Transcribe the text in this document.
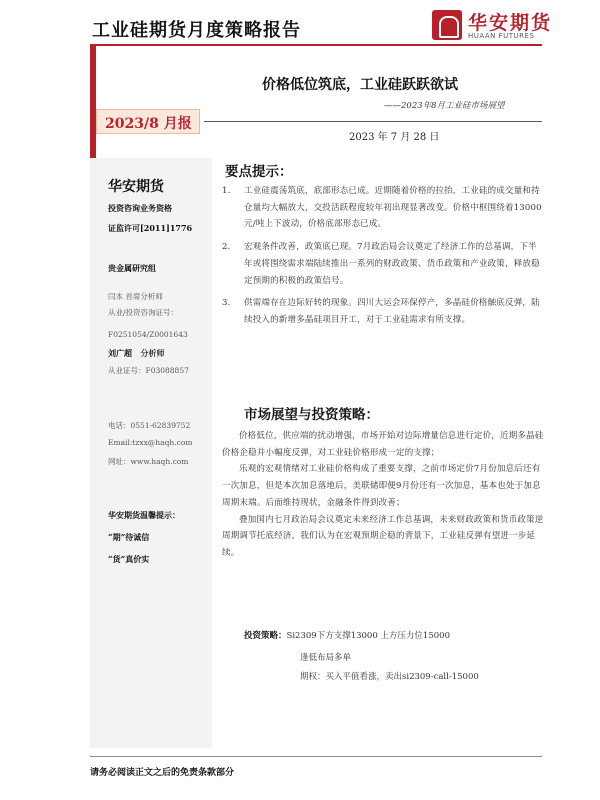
工业硅期货月度策略报告	华安期货
HUAAN FUTURES
价格低位筑底，工业硅跃跃欲试
——2023年8月工业硅市场展望
2023/8 月报
2023 年 7 月 28 日
华安期货
投资咨询业务资格
证监许可[2011]1776
贵金属研究组
闫本 首席分析师
从业/投资咨询证号：
F0251054/Z0001643
刘广超 分析师
从业证号：F03088857
电话：0551-62839752
Email:tzxx@haqh.com
网址：www.haqh.com
华安期货温馨提示：
“期”待诚信
“货”真价实
要点提示：
1.	工业硅震荡筑底，底部形态已成。近期随着价格的拉抬，工业硅的成交量和持仓量均大幅放大，交投活跃程度较年初出现显著改变。价格中枢围绕着13000元/吨上下波动，价格底部形态已成。
2.	宏观条件改善，政策底已现。7月政治局会议奠定了经济工作的总基调，下半年或将围绕需求端陆续推出一系列的财政政策、货币政策和产业政策，释放稳定预期的积极的政策信号。
3.	供需端存在边际好转的现象。四川大运会环保停产，多晶硅价格触底反弹，陆续投入的新增多晶硅项目开工，对于工业硅需求有所支撑。
市场展望与投资策略：

价格低位，供应端的扰动增强，市场开始对边际增量信息进行定价，近期多晶硅价格企稳并小幅度反弹，对工业硅价格形成一定的支撑；

乐观的宏观情绪对工业硅价格构成了重要支撑，之前市场定价7月份加息后还有一次加息，但是本次加息落地后，美联储即便9月份还有一次加息，基本也处于加息周期末端。后面维持现状，金融条件得到改善；

叠加国内七月政治局会议奠定未来经济工作总基调，未来财政政策和货币政策逆周期调节托底经济，我们认为在宏观预期企稳的背景下，工业硅反弹有望进一步延续。

投资策略：Si2309下方支撑13000 上方压力位15000
逢低布局多单
期权：买入平值看涨，卖出si2309-call-15000
请务必阅读正文之后的免责条款部分
